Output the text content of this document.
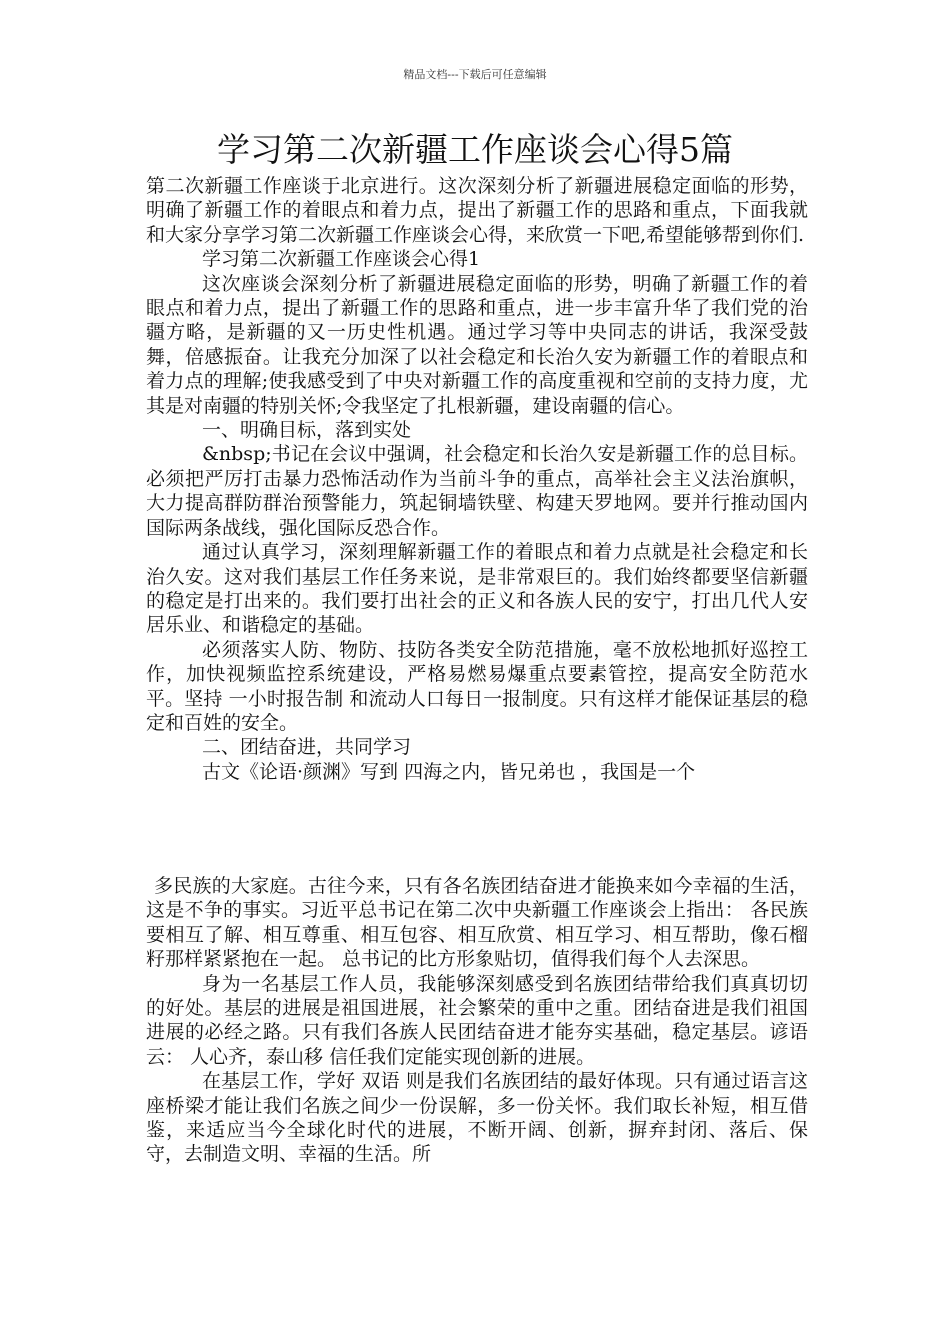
精品文档---下载后可任意编辑
学习第二次新疆工作座谈会心得5篇

第二次新疆工作座谈于北京进行。这次深刻分析了新疆进展稳定面临的形势，明确了新疆工作的着眼点和着力点，提出了新疆工作的思路和重点，下面我就和大家分享学习第二次新疆工作座谈会心得，来欣赏一下吧,希望能够帮到你们.

学习第二次新疆工作座谈会心得1

这次座谈会深刻分析了新疆进展稳定面临的形势，明确了新疆工作的着眼点和着力点，提出了新疆工作的思路和重点，进一步丰富升华了我们党的治疆方略，是新疆的又一历史性机遇。通过学习等中央同志的讲话，我深受鼓舞，倍感振奋。让我充分加深了以社会稳定和长治久安为新疆工作的着眼点和着力点的理解;使我感受到了中央对新疆工作的高度重视和空前的支持力度，尤其是对南疆的特别关怀;令我坚定了扎根新疆，建设南疆的信心。

一、明确目标，落到实处

&nbsp;书记在会议中强调，社会稳定和长治久安是新疆工作的总目标。必须把严厉打击暴力恐怖活动作为当前斗争的重点，高举社会主义法治旗帜，大力提高群防群治预警能力，筑起铜墙铁壁、构建天罗地网。要并行推动国内国际两条战线，强化国际反恐合作。

通过认真学习，深刻理解新疆工作的着眼点和着力点就是社会稳定和长治久安。这对我们基层工作任务来说，是非常艰巨的。我们始终都要坚信新疆的稳定是打出来的。我们要打出社会的正义和各族人民的安宁，打出几代人安居乐业、和谐稳定的基础。

必须落实人防、物防、技防各类安全防范措施，毫不放松地抓好巡控工作，加快视频监控系统建设，严格易燃易爆重点要素管控，提高安全防范水平。坚持 一小时报告制 和流动人口每日一报制度。只有这样才能保证基层的稳定和百姓的安全。

二、团结奋进，共同学习

古文《论语·颜渊》写到 四海之内，皆兄弟也 ，我国是一个

多民族的大家庭。古往今来，只有各名族团结奋进才能换来如今幸福的生活，这是不争的事实。习近平总书记在第二次中央新疆工作座谈会上指出： 各民族要相互了解、相互尊重、相互包容、相互欣赏、相互学习、相互帮助，像石榴籽那样紧紧抱在一起。 总书记的比方形象贴切，值得我们每个人去深思。

身为一名基层工作人员，我能够深刻感受到名族团结带给我们真真切切的好处。基层的进展是祖国进展，社会繁荣的重中之重。团结奋进是我们祖国进展的必经之路。只有我们各族人民团结奋进才能夯实基础，稳定基层。谚语云： 人心齐，泰山移 信任我们定能实现创新的进展。

在基层工作，学好 双语 则是我们名族团结的最好体现。只有通过语言这座桥梁才能让我们名族之间少一份误解，多一份关怀。我们取长补短，相互借鉴，来适应当今全球化时代的进展，不断开阔、创新，摒弃封闭、落后、保守，去制造文明、幸福的生活。所
